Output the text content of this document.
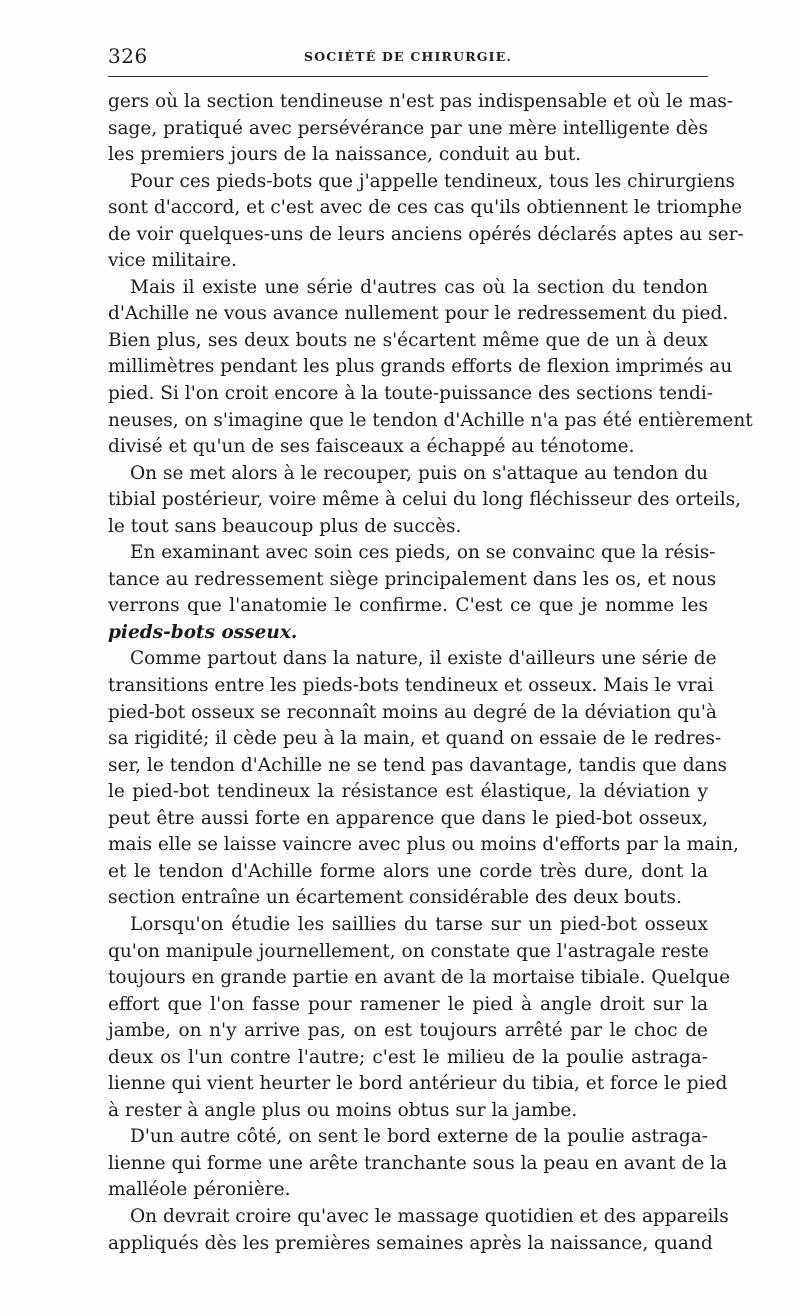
326	SOCIÉTÉ DE CHIRURGIE.
gers où la section tendineuse n'est pas indispensable et où le mas-
sage, pratiqué avec persévérance par une mère intelligente dès
les premiers jours de la naissance, conduit au but.
Pour ces pieds-bots que j'appelle tendineux, tous les chirurgiens
sont d'accord, et c'est avec de ces cas qu'ils obtiennent le triomphe
de voir quelques-uns de leurs anciens opérés déclarés aptes au ser-
vice militaire.
Mais il existe une série d'autres cas où la section du tendon
d'Achille ne vous avance nullement pour le redressement du pied.
Bien plus, ses deux bouts ne s'écartent même que de un à deux
millimètres pendant les plus grands efforts de flexion imprimés au
pied. Si l'on croit encore à la toute-puissance des sections tendi-
neuses, on s'imagine que le tendon d'Achille n'a pas été entièrement
divisé et qu'un de ses faisceaux a échappé au ténotome.
On se met alors à le recouper, puis on s'attaque au tendon du
tibial postérieur, voire même à celui du long fléchisseur des orteils,
le tout sans beaucoup plus de succès.
En examinant avec soin ces pieds, on se convainc que la résis-
tance au redressement siège principalement dans les os, et nous
verrons que l'anatomie le confirme. C'est ce que je nomme les
pieds-bots osseux.
Comme partout dans la nature, il existe d'ailleurs une série de
transitions entre les pieds-bots tendineux et osseux. Mais le vrai
pied-bot osseux se reconnaît moins au degré de la déviation qu'à
sa rigidité; il cède peu à la main, et quand on essaie de le redres-
ser, le tendon d'Achille ne se tend pas davantage, tandis que dans
le pied-bot tendineux la résistance est élastique, la déviation y
peut être aussi forte en apparence que dans le pied-bot osseux,
mais elle se laisse vaincre avec plus ou moins d'efforts par la main,
et le tendon d'Achille forme alors une corde très dure, dont la
section entraîne un écartement considérable des deux bouts.
Lorsqu'on étudie les saillies du tarse sur un pied-bot osseux
qu'on manipule journellement, on constate que l'astragale reste
toujours en grande partie en avant de la mortaise tibiale. Quelque
effort que l'on fasse pour ramener le pied à angle droit sur la
jambe, on n'y arrive pas, on est toujours arrêté par le choc de
deux os l'un contre l'autre; c'est le milieu de la poulie astraga-
lienne qui vient heurter le bord antérieur du tibia, et force le pied
à rester à angle plus ou moins obtus sur la jambe.
D'un autre côté, on sent le bord externe de la poulie astraga-
lienne qui forme une arête tranchante sous la peau en avant de la
malléole péronière.
On devrait croire qu'avec le massage quotidien et des appareils
appliqués dès les premières semaines après la naissance, quand
